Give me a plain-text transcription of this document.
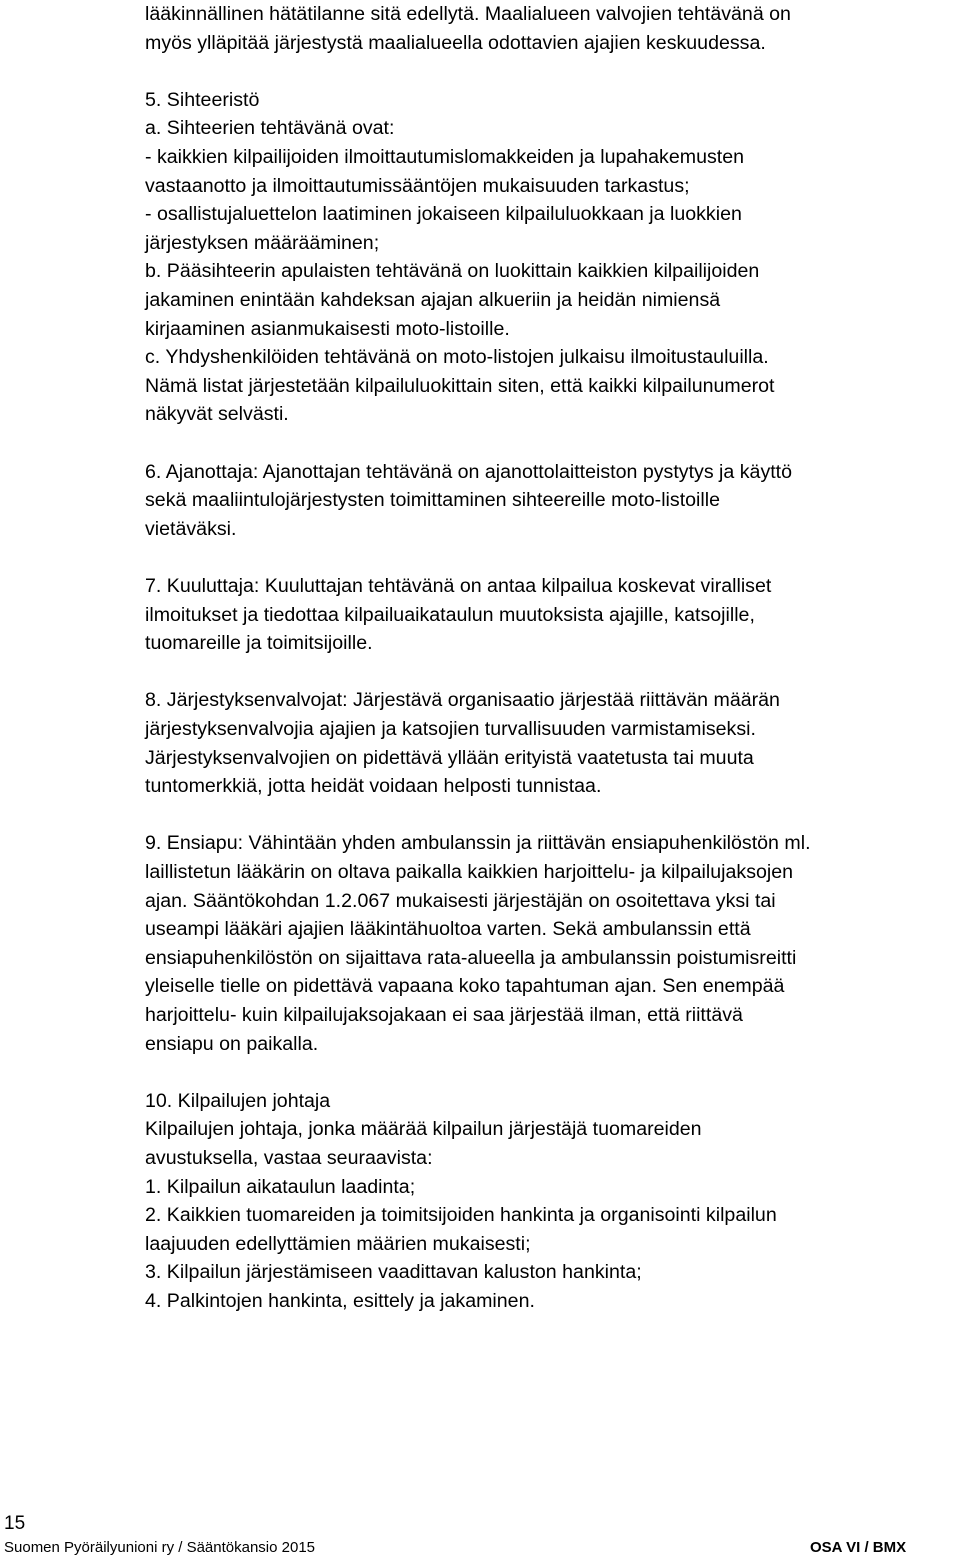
lääkinnällinen hätätilanne sitä edellytä. Maalialueen valvojien tehtävänä on
myös ylläpitää järjestystä maalialueella odottavien ajajien keskuudessa.
5. Sihteeristö
a. Sihteerien tehtävänä ovat:
- kaikkien kilpailijoiden ilmoittautumislomakkeiden ja lupahakemusten
vastaanotto ja ilmoittautumissääntöjen mukaisuuden tarkastus;
- osallistujaluettelon laatiminen jokaiseen kilpailuluokkaan ja luokkien
järjestyksen määrääminen;
b. Pääsihteerin apulaisten tehtävänä on luokittain kaikkien kilpailijoiden
jakaminen enintään kahdeksan ajajan alkueriin ja heidän nimiensä
kirjaaminen asianmukaisesti moto-listoille.
c. Yhdyshenkilöiden tehtävänä on moto-listojen julkaisu ilmoitustauluilla.
Nämä listat järjestetään kilpailuluokittain siten, että kaikki kilpailunumerot
näkyvät selvästi.
6. Ajanottaja: Ajanottajan tehtävänä on ajanottolaitteiston pystytys ja käyttö
sekä maaliintulojärjestysten toimittaminen sihteereille moto-listoille
vietäväksi.
7. Kuuluttaja: Kuuluttajan tehtävänä on antaa kilpailua koskevat viralliset
ilmoitukset ja tiedottaa kilpailuaikataulun muutoksista ajajille, katsojille,
tuomareille ja toimitsijoille.
8. Järjestyksenvalvojat: Järjestävä organisaatio järjestää riittävän määrän
järjestyksenvalvojia ajajien ja katsojien turvallisuuden varmistamiseksi.
Järjestyksenvalvojien on pidettävä yllään erityistä vaatetusta tai muuta
tuntomerkkiä, jotta heidät voidaan helposti tunnistaa.
9. Ensiapu: Vähintään yhden ambulanssin ja riittävän ensiapuhenkilöstön ml.
laillistetun lääkärin on oltava paikalla kaikkien harjoittelu- ja kilpailujaksojen
ajan. Sääntökohdan 1.2.067 mukaisesti järjestäjän on osoitettava yksi tai
useampi lääkäri ajajien lääkintähuoltoa varten. Sekä ambulanssin että
ensiapuhenkilöstön on sijaittava rata-alueella ja ambulanssin poistumisreitti
yleiselle tielle on pidettävä vapaana koko tapahtuman ajan. Sen enempää
harjoittelu- kuin kilpailujaksojakaan ei saa järjestää ilman, että riittävä
ensiapu on paikalla.
10. Kilpailujen johtaja
Kilpailujen johtaja, jonka määrää kilpailun järjestäjä tuomareiden
avustuksella, vastaa seuraavista:
1. Kilpailun aikataulun laadinta;
2. Kaikkien tuomareiden ja toimitsijoiden hankinta ja organisointi kilpailun
laajuuden edellyttämien määrien mukaisesti;
3. Kilpailun järjestämiseen vaadittavan kaluston hankinta;
4. Palkintojen hankinta, esittely ja jakaminen.
15
Suomen Pyöräilyunioni ry / Sääntökansio 2015	OSA VI / BMX
